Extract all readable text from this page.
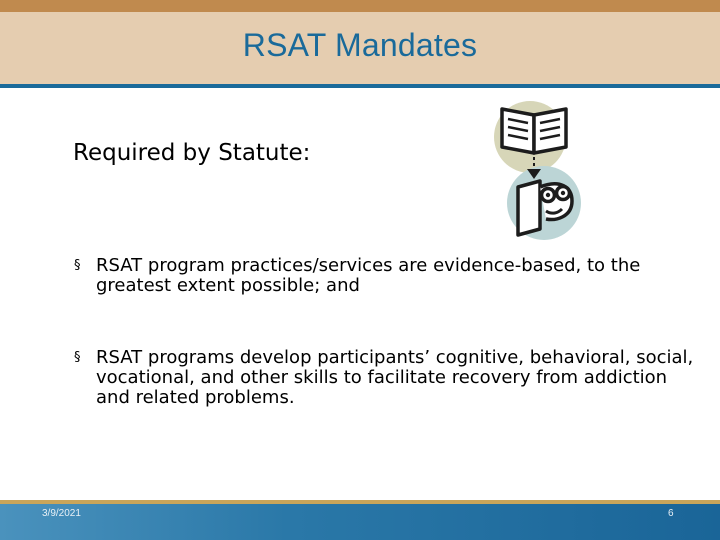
RSAT Mandates
Required by Statute:
§ RSAT program practices/services are evidence-based, to the greatest extent possible; and
§ RSAT programs develop participants’ cognitive, behavioral, social, vocational, and other skills to facilitate recovery from addiction and related problems.
3/9/2021	6
